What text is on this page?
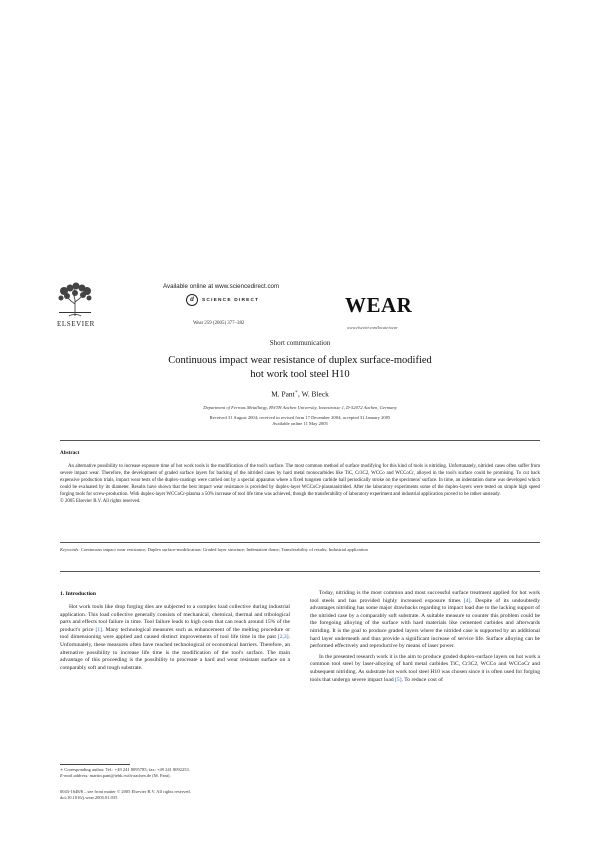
ELSEVIER
Available online at www.sciencedirect.com
d	SCIENCE DIRECT
Wear 259 (2005) 377–382
WEAR
www.elsevier.com/locate/wear
Short communication
Continuous impact wear resistance of duplex surface-modified
hot work tool steel H10
M. Pant∗, W. Bleck
Department of Ferrous Metallurgy, RWTH Aachen University, Intzestrasse 1, D-52072 Aachen, Germany
Received 31 August 2004; received in revised form 17 December 2004; accepted 31 January 2005
Available online 11 May 2005
Abstract
An alternative possibility to increase exposure time of hot work tools is the modification of the tool's surface. The most common method of surface modifying for this kind of tools is nitriding. Unfortunately, nitrided cases often suffer from severe impact wear. Therefore, the development of graded surface layers for backing of the nitrided cases by hard metal monocarbides like TiC, Cr3C2, WCCo and WCCoCr, alloyed in the tool's surface could be promising. To cut back expensive production trials, impact wear tests of the duplex-coatings were carried out by a special apparatus where a fixed tungsten carbide ball periodically stroke on the specimens' surface. In time, an indentation dome was developed which could be evaluated by its diameter. Results have shown that the best impact wear resistance is provided by duplex-layer WCCoCr-plasmanitrided. After the laboratory experiments some of the duplex-layers were tested on simple high speed forging tools for screw-production. With duplex-layer WCCoCr-plasma a 50% increase of tool life time was achieved, though the transferability of laboratory experiment and industrial application proved to be rather unsteady.
© 2005 Elsevier B.V. All rights reserved.
Keywords: Continuous impact wear resistance; Duplex surface-modification; Graded layer structure; Indentation dome; Transferability of results; Industrial application
1. Introduction
Hot work tools like drop forging dies are subjected to a complex load collective during industrial application. This load collective generally consists of mechanical, chemical, thermal and tribological parts and effects tool failure in time. Tool failure leads to high costs that can reach around 15% of the product's price [1]. Many technological measures such as enhancement of the melting procedure or tool dimensioning were applied and caused distinct improvements of tool life time in the past [2,3]. Unfortunately, these measures often have reached technological or economical barriers. Therefore, an alternative possibility to increase life time is the modification of the tool's surface. The main advantage of this proceeding is the possibility to procreate a hard and wear resistant surface on a comparably soft and tough substrate.

Today, nitriding is the most common and most successful surface treatment applied for hot work tool steels and has provided highly increased exposure times [4]. Despite of its undoubtedly advantages nitriding has some major drawbacks regarding to impact load due to the lacking support of the nitrided case by a comparably soft substrate. A suitable measure to counter this problem could be the foregoing alloying of the surface with hard materials like cemented carbides and afterwards nitriding. It is the goal to produce graded layers where the nitrided case is supported by an additional hard layer underneath and thus provide a significant increase of service life. Surface alloying can be performed effectively and reproductive by means of laser power.

In the presented research work it is the aim to produce graded duplex-surface layers on hot work a common tool steel by laser-alloying of hard metal carbides TiC, Cr3C2, WCCo and WCCoCr and subsequent nitriding. As substrate hot work tool steel H10 was chosen since it is often used for forging tools that undergo severe impact load [5]. To reduce cost of

∗ Corresponding author. Tel.: +49 241 8095785; fax: +49 241 8092253.
E-mail address: martin.pant@iehk.rwth-aachen.de (M. Pant).
0043-1648/$ – see front matter © 2005 Elsevier B.V. All rights reserved.
doi:10.1016/j.wear.2005.01.035
